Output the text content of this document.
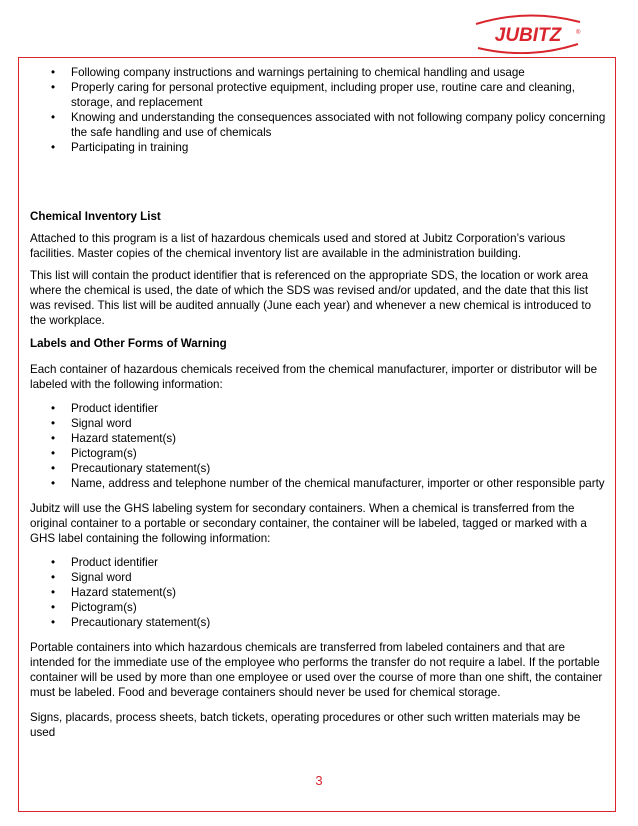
JUBITZ ®
• Following company instructions and warnings pertaining to chemical handling and usage
• Properly caring for personal protective equipment, including proper use, routine care and cleaning, storage, and replacement
• Knowing and understanding the consequences associated with not following company policy concerning the safe handling and use of chemicals
• Participating in training

Chemical Inventory List

Attached to this program is a list of hazardous chemicals used and stored at Jubitz Corporation’s various facilities. Master copies of the chemical inventory list are available in the administration building.

This list will contain the product identifier that is referenced on the appropriate SDS, the location or work area where the chemical is used, the date of which the SDS was revised and/or updated, and the date that this list was revised. This list will be audited annually (June each year) and whenever a new chemical is introduced to the workplace.

Labels and Other Forms of Warning

Each container of hazardous chemicals received from the chemical manufacturer, importer or distributor will be labeled with the following information:

• Product identifier
• Signal word
• Hazard statement(s)
• Pictogram(s)
• Precautionary statement(s)
• Name, address and telephone number of the chemical manufacturer, importer or other responsible party

Jubitz will use the GHS labeling system for secondary containers. When a chemical is transferred from the original container to a portable or secondary container, the container will be labeled, tagged or marked with a GHS label containing the following information:

• Product identifier
• Signal word
• Hazard statement(s)
• Pictogram(s)
• Precautionary statement(s)

Portable containers into which hazardous chemicals are transferred from labeled containers and that are intended for the immediate use of the employee who performs the transfer do not require a label. If the portable container will be used by more than one employee or used over the course of more than one shift, the container must be labeled. Food and beverage containers should never be used for chemical storage.

Signs, placards, process sheets, batch tickets, operating procedures or other such written materials may be used

3
